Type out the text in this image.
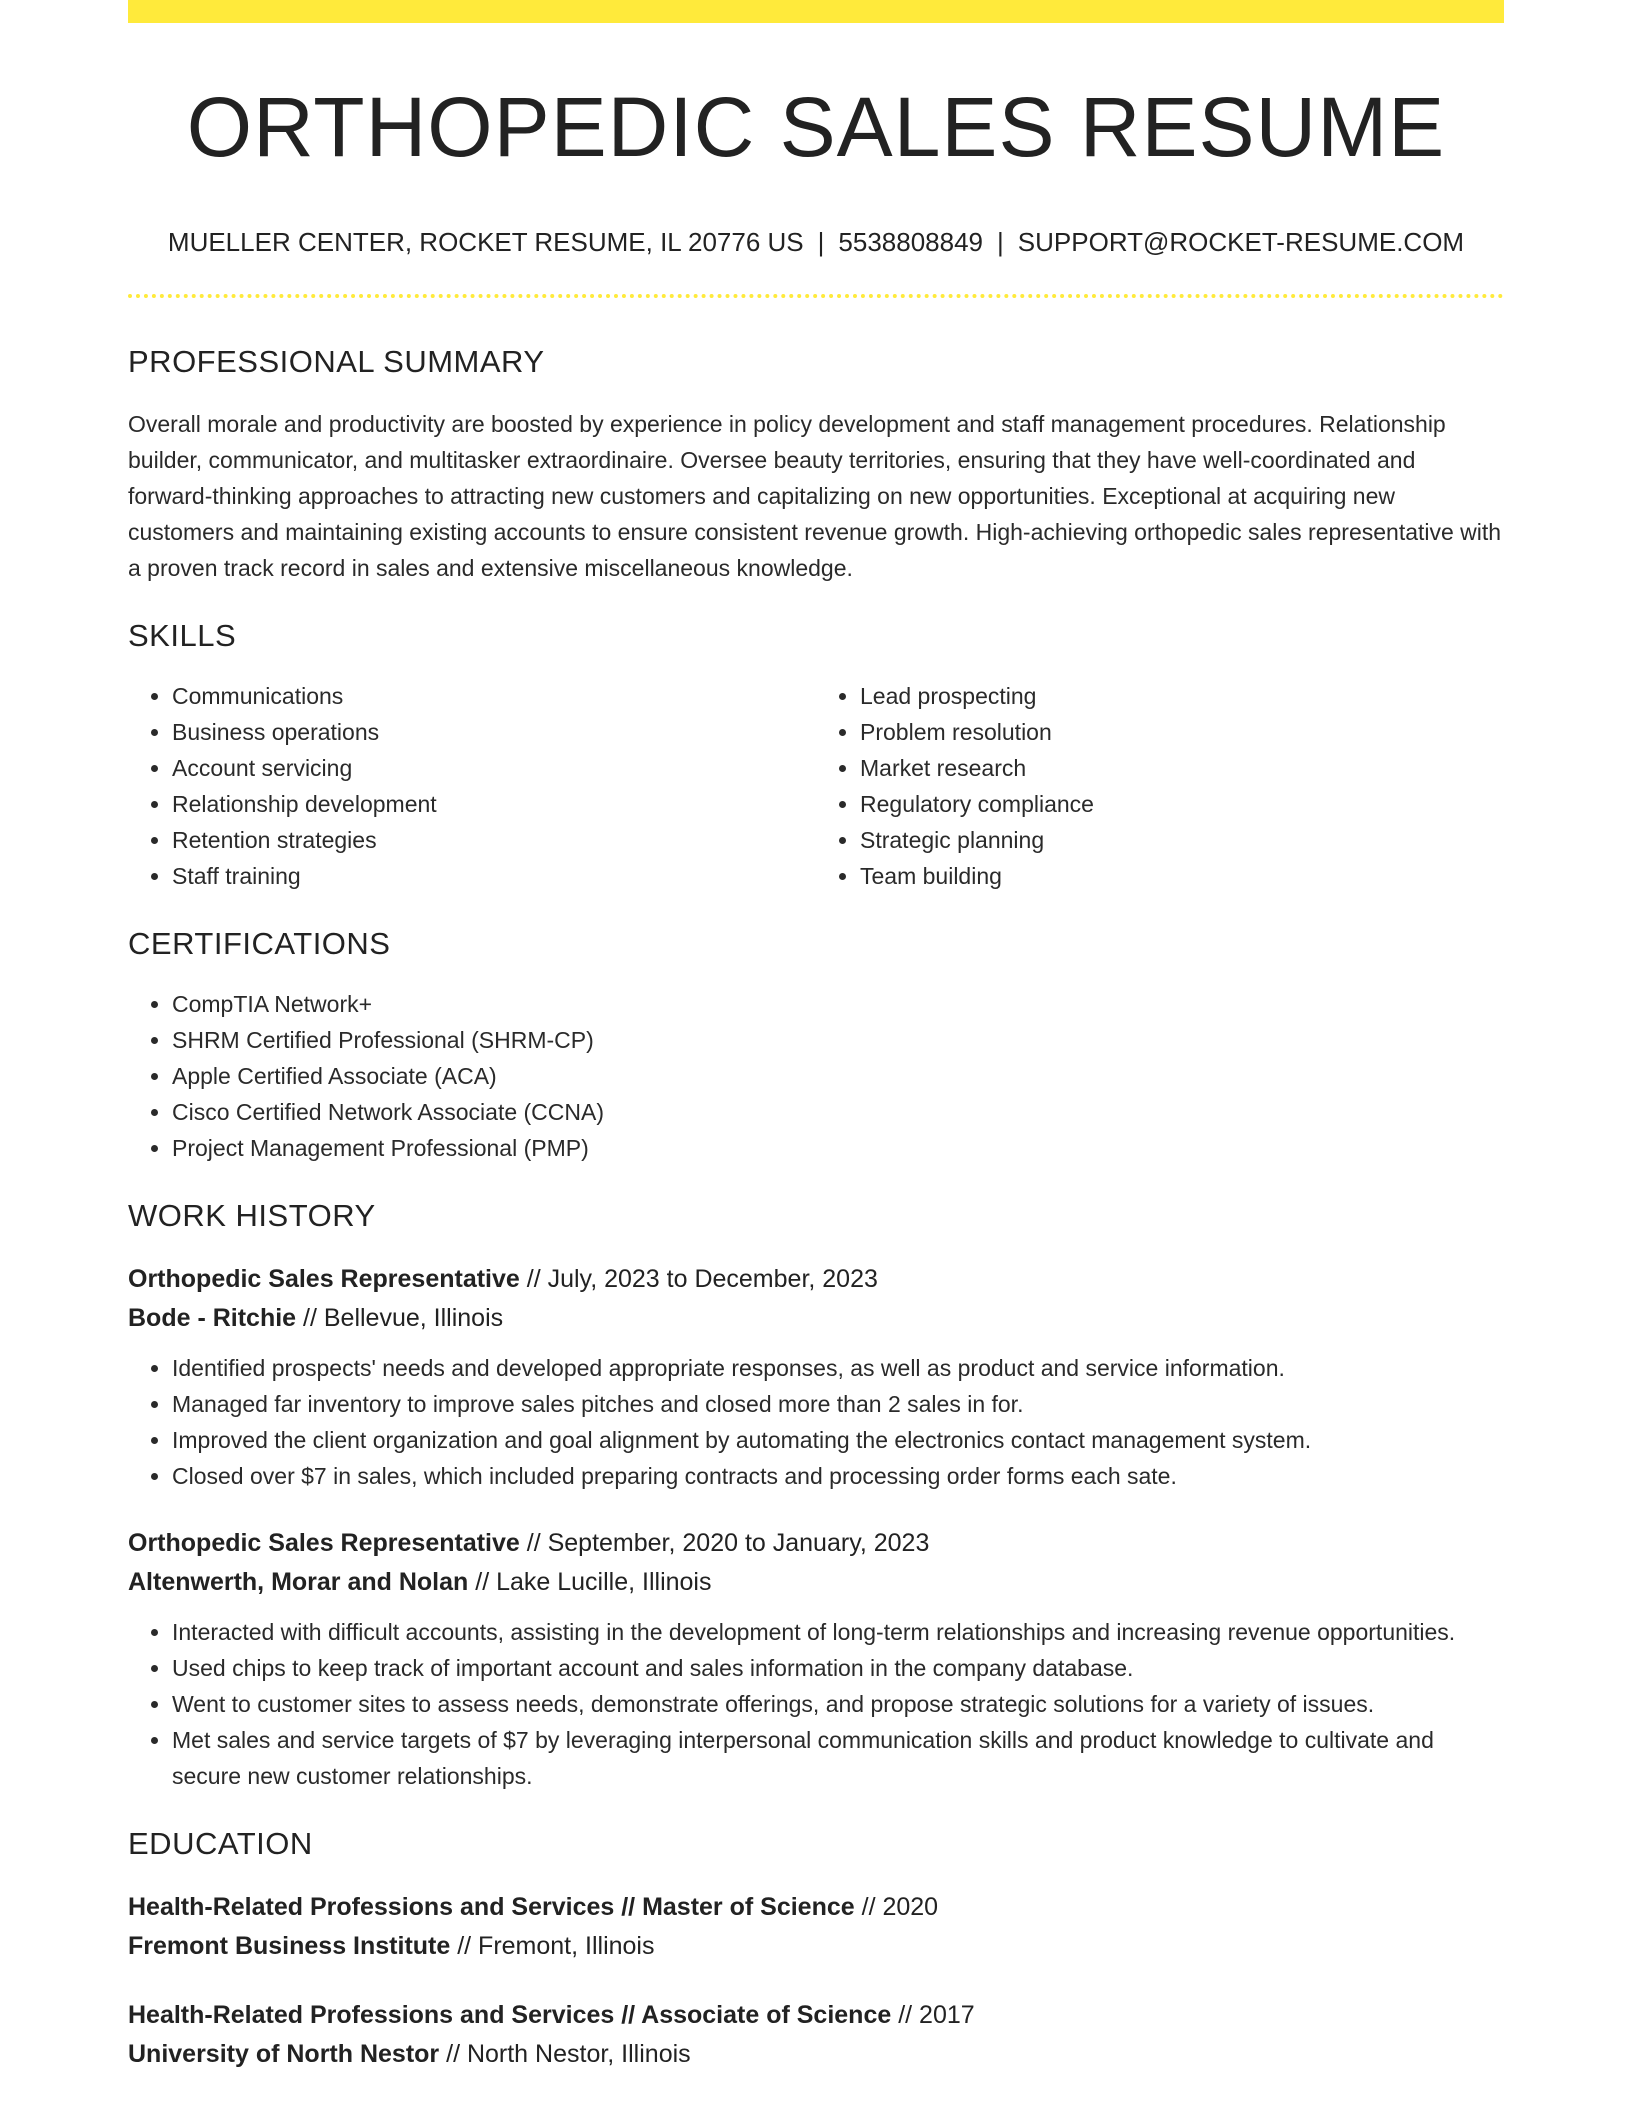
ORTHOPEDIC SALES RESUME
MUELLER CENTER, ROCKET RESUME, IL 20776 US | 5538808849 | SUPPORT@ROCKET-RESUME.COM
PROFESSIONAL SUMMARY

Overall morale and productivity are boosted by experience in policy development and staff management procedures. Relationship builder, communicator, and multitasker extraordinaire. Oversee beauty territories, ensuring that they have well-coordinated and forward-thinking approaches to attracting new customers and capitalizing on new opportunities. Exceptional at acquiring new customers and maintaining existing accounts to ensure consistent revenue growth. High-achieving orthopedic sales representative with a proven track record in sales and extensive miscellaneous knowledge.

SKILLS
• Communications
• Business operations
• Account servicing
• Relationship development
• Retention strategies
• Staff training
• Lead prospecting
• Problem resolution
• Market research
• Regulatory compliance
• Strategic planning
• Team building
CERTIFICATIONS
• CompTIA Network+
• SHRM Certified Professional (SHRM-CP)
• Apple Certified Associate (ACA)
• Cisco Certified Network Associate (CCNA)
• Project Management Professional (PMP)
WORK HISTORY
Orthopedic Sales Representative // July, 2023 to December, 2023
Bode - Ritchie // Bellevue, Illinois
• Identified prospects' needs and developed appropriate responses, as well as product and service information.
• Managed far inventory to improve sales pitches and closed more than 2 sales in for.
• Improved the client organization and goal alignment by automating the electronics contact management system.
• Closed over $7 in sales, which included preparing contracts and processing order forms each sate.
Orthopedic Sales Representative // September, 2020 to January, 2023
Altenwerth, Morar and Nolan // Lake Lucille, Illinois
• Interacted with difficult accounts, assisting in the development of long-term relationships and increasing revenue opportunities.
• Used chips to keep track of important account and sales information in the company database.
• Went to customer sites to assess needs, demonstrate offerings, and propose strategic solutions for a variety of issues.
• Met sales and service targets of $7 by leveraging interpersonal communication skills and product knowledge to cultivate and secure new customer relationships.
EDUCATION
Health-Related Professions and Services // Master of Science // 2020
Fremont Business Institute // Fremont, Illinois
Health-Related Professions and Services // Associate of Science // 2017
University of North Nestor // North Nestor, Illinois
